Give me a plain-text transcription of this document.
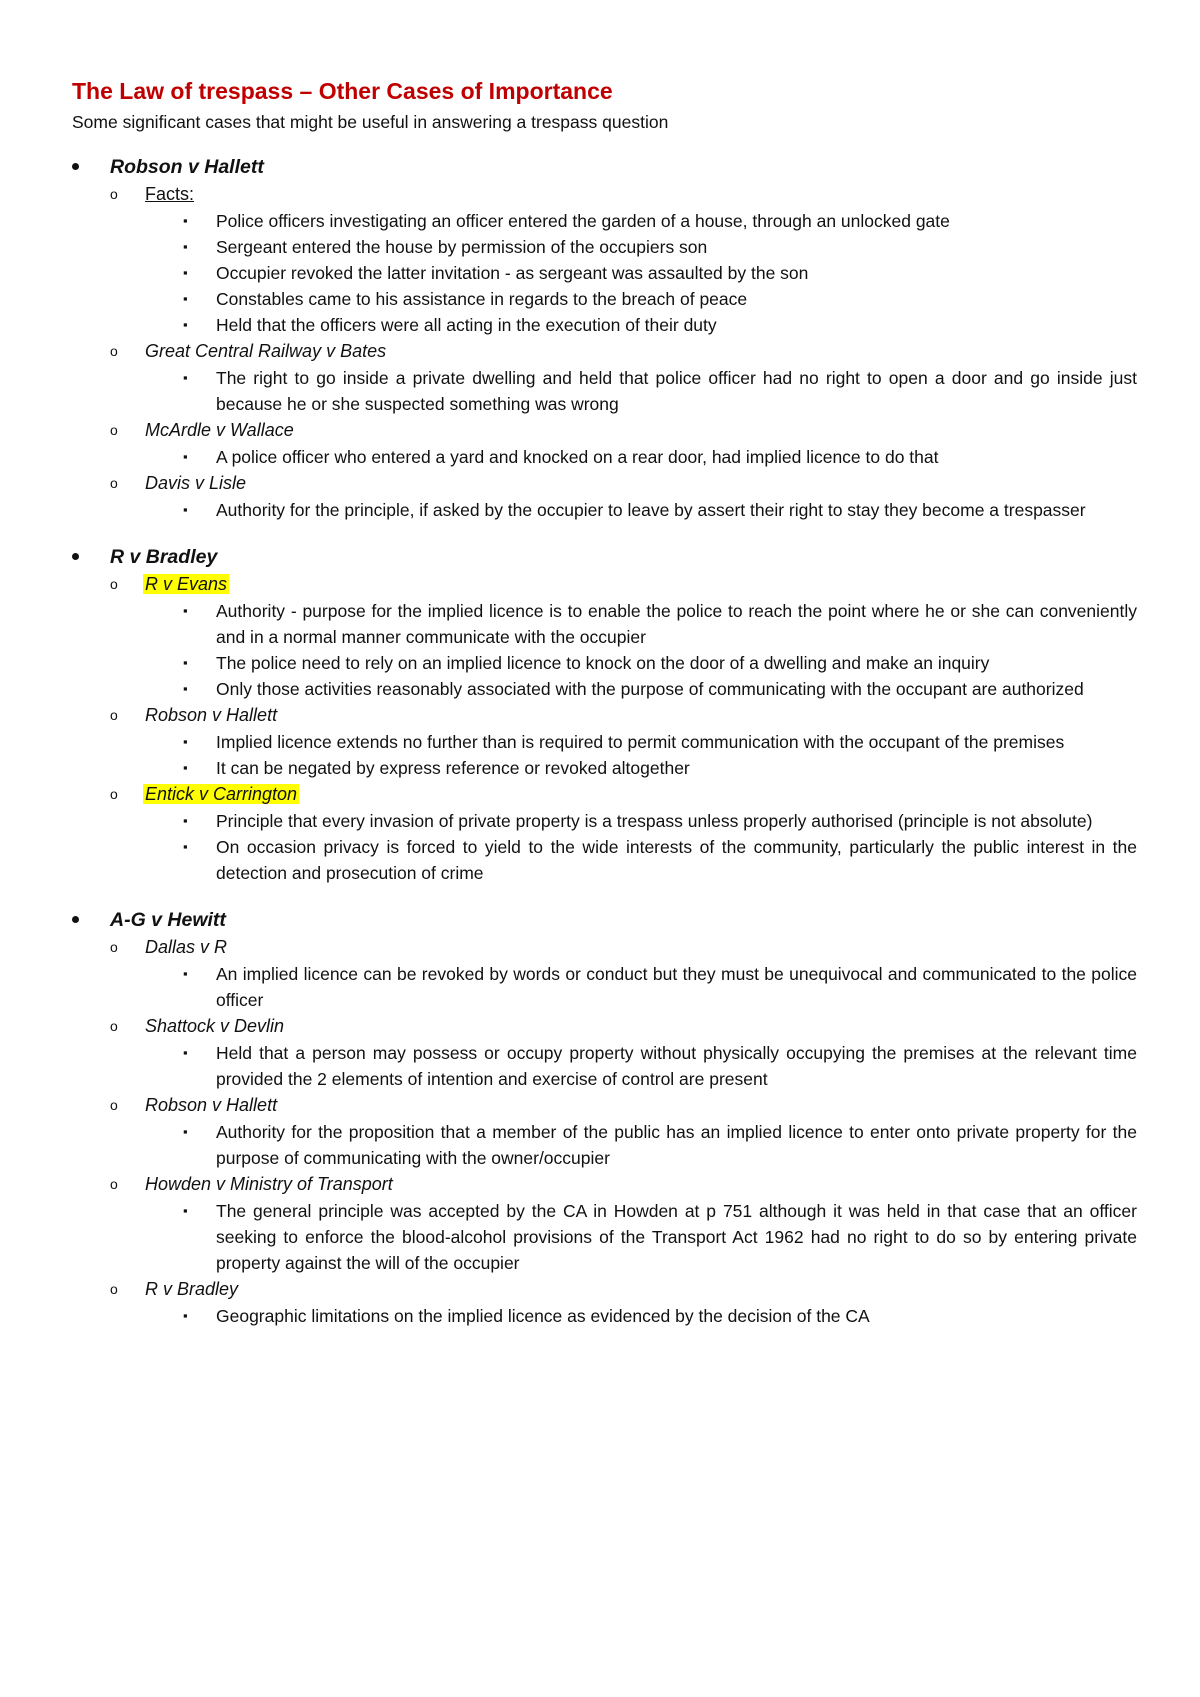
The Law of trespass – Other Cases of Importance

Some significant cases that might be useful in answering a trespass question

Robson v Hallett
o	Facts:
▪	Police officers investigating an officer entered the garden of a house, through an unlocked gate
▪	Sergeant entered the house by permission of the occupiers son
▪	Occupier revoked the latter invitation - as sergeant was assaulted by the son
▪	Constables came to his assistance in regards to the breach of peace
▪	Held that the officers were all acting in the execution of their duty
o	Great Central Railway v Bates
▪	The right to go inside a private dwelling and held that police officer had no right to open a door and go inside just because he or she suspected something was wrong
o	McArdle v Wallace
▪	A police officer who entered a yard and knocked on a rear door, had implied licence to do that
o	Davis v Lisle
▪	Authority for the principle, if asked by the occupier to leave by assert their right to stay they become a trespasser
R v Bradley
o	R v Evans
▪	Authority - purpose for the implied licence is to enable the police to reach the point where he or she can conveniently and in a normal manner communicate with the occupier
▪	The police need to rely on an implied licence to knock on the door of a dwelling and make an inquiry
▪	Only those activities reasonably associated with the purpose of communicating with the occupant are authorized
o	Robson v Hallett
▪	Implied licence extends no further than is required to permit communication with the occupant of the premises
▪	It can be negated by express reference or revoked altogether
o	Entick v Carrington
▪	Principle that every invasion of private property is a trespass unless properly authorised (principle is not absolute)
▪	On occasion privacy is forced to yield to the wide interests of the community, particularly the public interest in the detection and prosecution of crime
A-G v Hewitt
o	Dallas v R
▪	An implied licence can be revoked by words or conduct but they must be unequivocal and communicated to the police officer
o	Shattock v Devlin
▪	Held that a person may possess or occupy property without physically occupying the premises at the relevant time provided the 2 elements of intention and exercise of control are present
o	Robson v Hallett
▪	Authority for the proposition that a member of the public has an implied licence to enter onto private property for the purpose of communicating with the owner/occupier
o	Howden v Ministry of Transport
▪	The general principle was accepted by the CA in Howden at p 751 although it was held in that case that an officer seeking to enforce the blood-alcohol provisions of the Transport Act 1962 had no right to do so by entering private property against the will of the occupier
o	R v Bradley
▪	Geographic limitations on the implied licence as evidenced by the decision of the CA
